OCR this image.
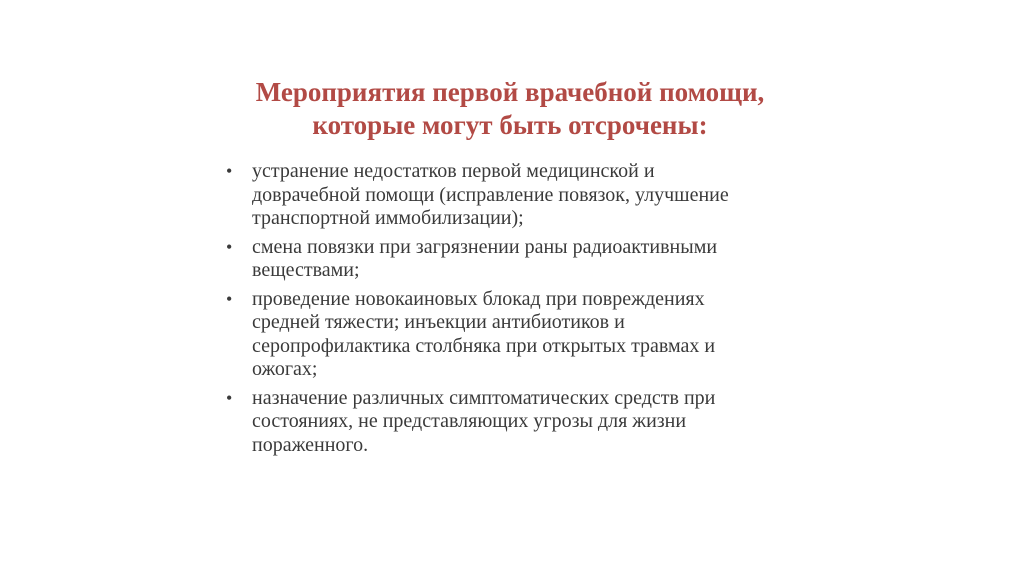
Мероприятия первой врачебной помощи,
которые могут быть отсрочены:
• устранение недостатков первой медицинской и
доврачебной помощи (исправление повязок, улучшение
транспортной иммобилизации);
• смена повязки при загрязнении раны радиоактивными
веществами;
• проведение новокаиновых блокад при повреждениях
средней тяжести; инъекции антибиотиков и
серопрофилактика столбняка при открытых травмах и
ожогах;
• назначение различных симптоматических средств при
состояниях, не представляющих угрозы для жизни
пораженного.
